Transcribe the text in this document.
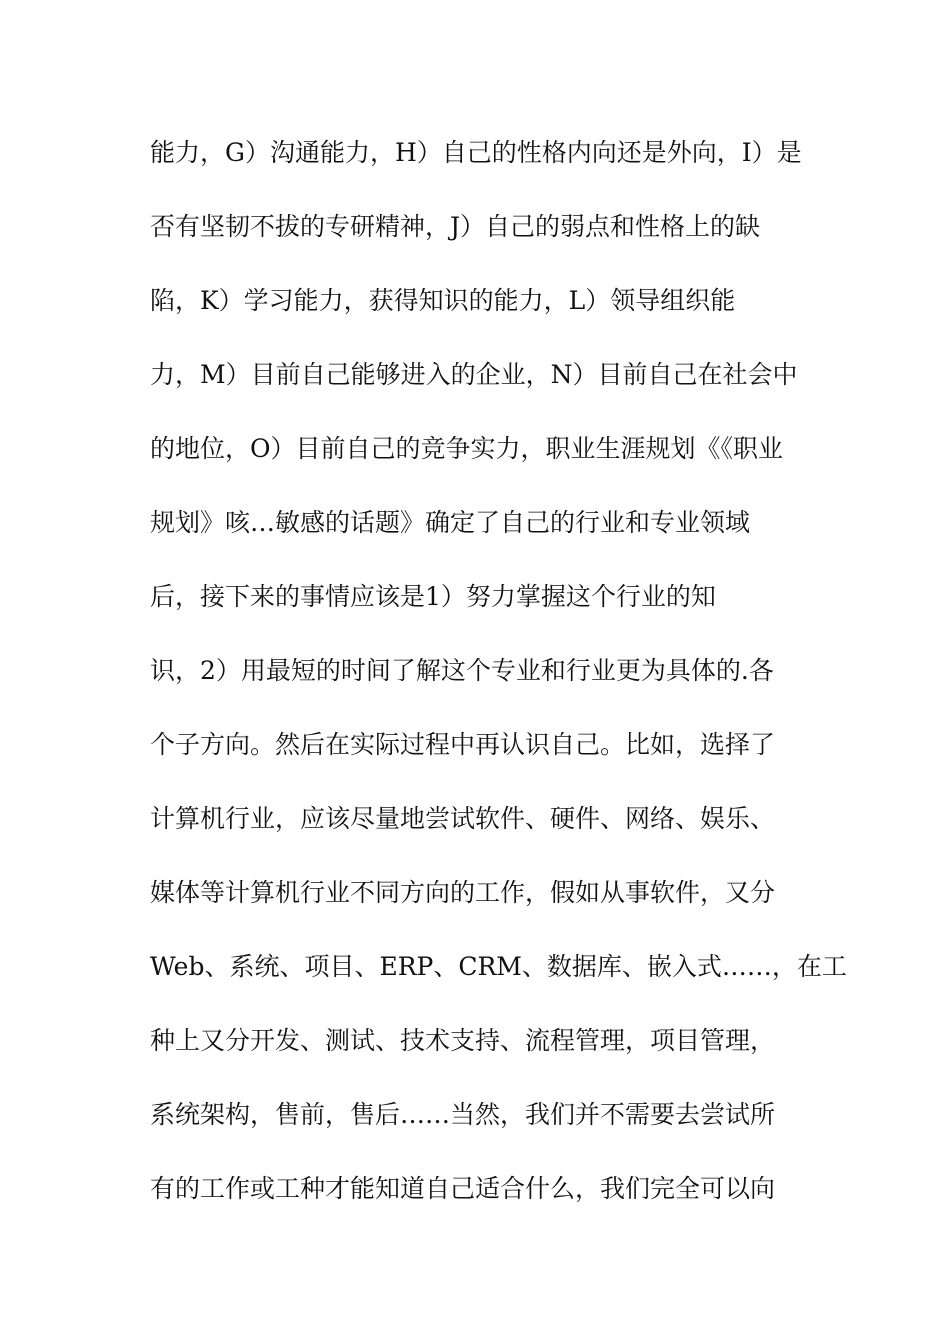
能力，G）沟通能力，H）自己的性格内向还是外向，I）是
否有坚韧不拔的专研精神，J）自己的弱点和性格上的缺
陷，K）学习能力，获得知识的能力，L）领导组织能
力，M）目前自己能够进入的企业，N）目前自己在社会中
的地位，O）目前自己的竞争实力，职业生涯规划《《职业
规划》咳…敏感的话题》确定了自己的行业和专业领域
后，接下来的事情应该是1）努力掌握这个行业的知
识，2）用最短的时间了解这个专业和行业更为具体的.各
个子方向。然后在实际过程中再认识自己。比如，选择了
计算机行业，应该尽量地尝试软件、硬件、网络、娱乐、
媒体等计算机行业不同方向的工作，假如从事软件，又分
Web、系统、项目、ERP、CRM、数据库、嵌入式……，在工
种上又分开发、测试、技术支持、流程管理，项目管理，
系统架构，售前，售后……当然，我们并不需要去尝试所
有的工作或工种才能知道自己适合什么，我们完全可以向
